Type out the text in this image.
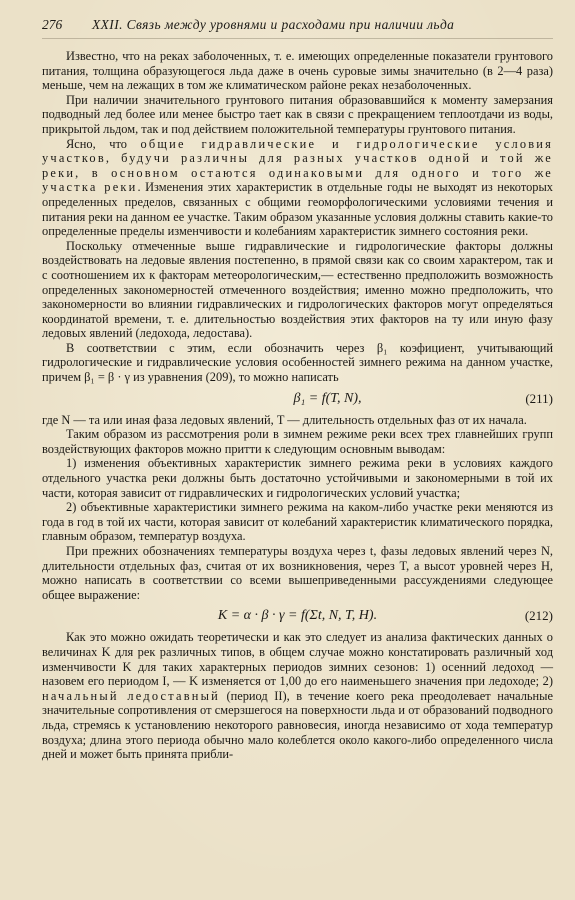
276	XXII. Связь между уровнями и расходами при наличии льда

Известно, что на реках заболоченных, т. е. имеющих определенные показатели грунтового питания, толщина образующегося льда даже в очень суровые зимы значительно (в 2—4 раза) меньше, чем на лежащих в том же климатическом районе реках незаболоченных.

При наличии значительного грунтового питания образовавшийся к моменту замерзания подводный лед более или менее быстро тает как в связи с прекращением теплоотдачи из воды, прикрытой льдом, так и под действием положительной температуры грунтового питания.

Ясно, что общие гидравлические и гидрологические условия участков, будучи различны для разных участков одной и той же реки, в основном остаются одинаковыми для одного и того же участка реки. Изменения этих характеристик в отдельные годы не выходят из некоторых определенных пределов, связанных с общими геоморфологическими условиями течения и питания реки на данном ее участке. Таким образом указанные условия должны ставить какие-то определенные пределы изменчивости и колебаниям характеристик зимнего состояния реки.

Поскольку отмеченные выше гидравлические и гидрологические факторы должны воздействовать на ледовые явления постепенно, в прямой связи как со своим характером, так и с соотношением их к факторам метеорологическим,— естественно предположить возможность определенных закономерностей отмеченного воздействия; именно можно предположить, что закономерности во влиянии гидравлических и гидрологических факторов могут определяться координатой времени, т. е. длительностью воздействия этих факторов на ту или иную фазу ледовых явлений (ледохода, ледостава).

В соответствии с этим, если обозначить через β₁ коэфициент, учитывающий гидрологические и гидравлические условия особенностей зимнего режима на данном участке, причем β₁ = β · γ из уравнения (209), то можно написать

β₁ = f(T, N),	(211)

где N — та или иная фаза ледовых явлений, T — длительность отдельных фаз от их начала.

Таким образом из рассмотрения роли в зимнем режиме реки всех трех главнейших групп воздействующих факторов можно притти к следующим основным выводам:

1) изменения объективных характеристик зимнего режима реки в условиях каждого отдельного участка реки должны быть достаточно устойчивыми и закономерными в той их части, которая зависит от гидравлических и гидрологических условий участка;

2) объективные характеристики зимнего режима на каком-либо участке реки меняются из года в год в той их части, которая зависит от колебаний характеристик климатического порядка, главным образом, температур воздуха.

При прежних обозначениях температуры воздуха через t, фазы ледовых явлений через N, длительности отдельных фаз, считая от их возникновения, через T, а высот уровней через H, можно написать в соответствии со всеми вышеприведенными рассуждениями следующее общее выражение:

K = α · β · γ = f(Σt, N, T, H).	(212)

Как это можно ожидать теоретически и как это следует из анализа фактических данных о величинах K для рек различных типов, в общем случае можно констатировать различный ход изменчивости K для таких характерных периодов зимних сезонов: 1) осенний ледоход — назовем его периодом I, — K изменяется от 1,00 до его наименьшего значения при ледоходе; 2) начальный ледоставный (период II), в течение коего река преодолевает начальные значительные сопротивления от смерзшегося на поверхности льда и от образований подводного льда, стремясь к установлению некоторого равновесия, иногда независимо от хода температур воздуха; длина этого периода обычно мало колеблется около какого-либо определенного числа дней и может быть принята прибли-
